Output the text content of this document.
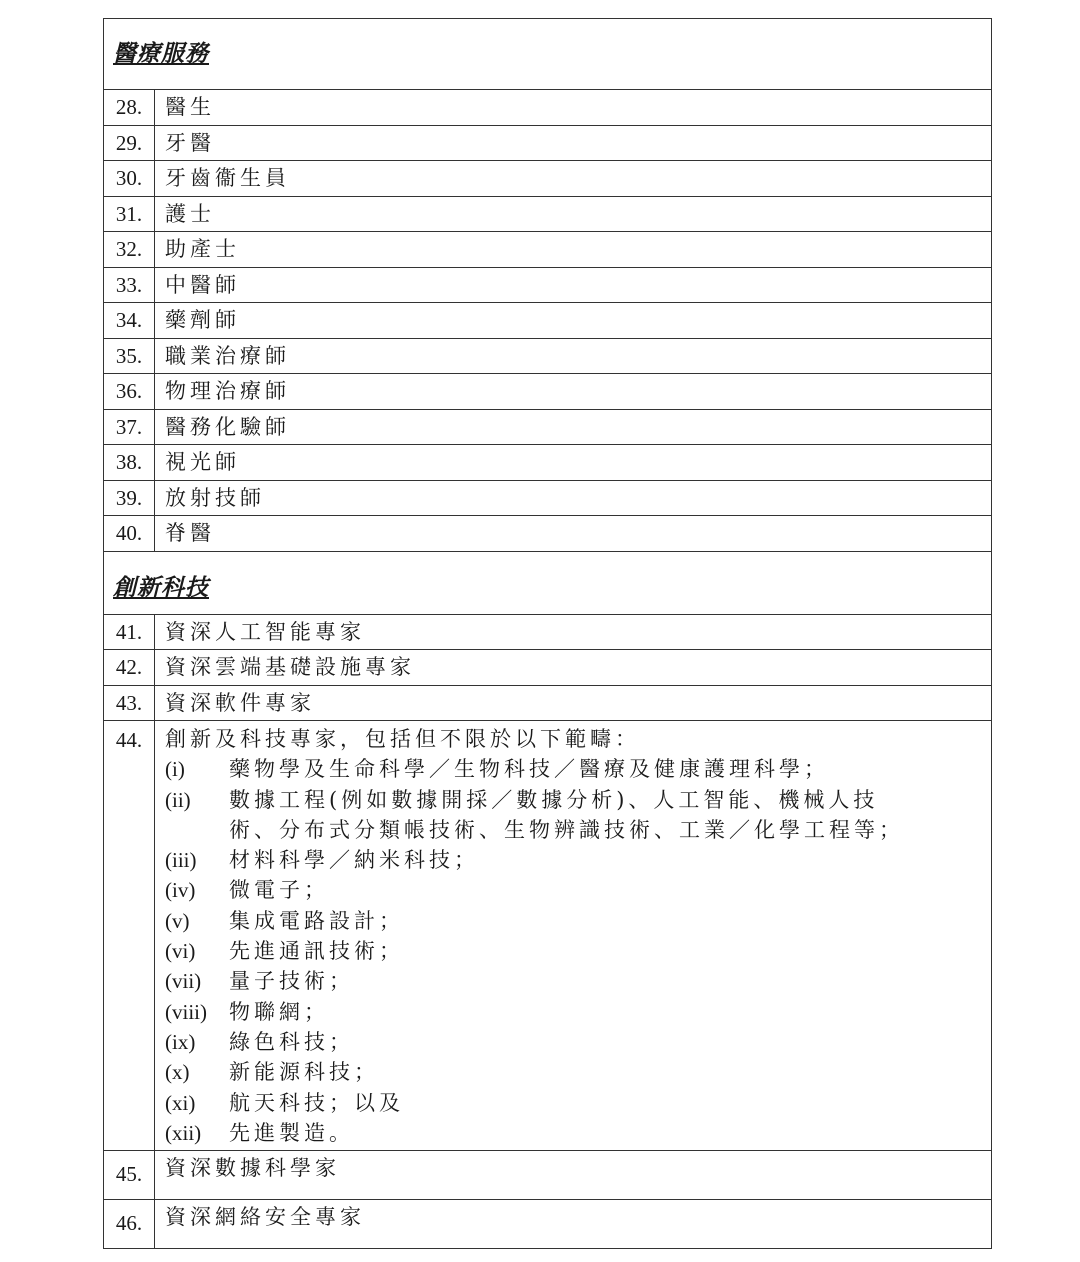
醫療服務
28.	醫生
29.	牙醫
30.	牙齒衞生員
31.	護士
32.	助產士
33.	中醫師
34.	藥劑師
35.	職業治療師
36.	物理治療師
37.	醫務化驗師
38.	視光師
39.	放射技師
40.	脊醫
創新科技
41.	資深人工智能專家
42.	資深雲端基礎設施專家
43.	資深軟件專家
44.	創新及科技專家，包括但不限於以下範疇：
(i)	藥物學及生命科學／生物科技／醫療及健康護理科學；
(ii)	數據工程(例如數據開採／數據分析)、人工智能、機械人技
術、分布式分類帳技術、生物辨識技術、工業／化學工程等；
(iii)	材料科學／納米科技；
(iv)	微電子；
(v)	集成電路設計；
(vi)	先進通訊技術；
(vii)	量子技術；
(viii)	物聯網；
(ix)	綠色科技；
(x)	新能源科技；
(xi)	航天科技；以及
(xii)	先進製造。
45.	資深數據科學家
46.	資深網絡安全專家
